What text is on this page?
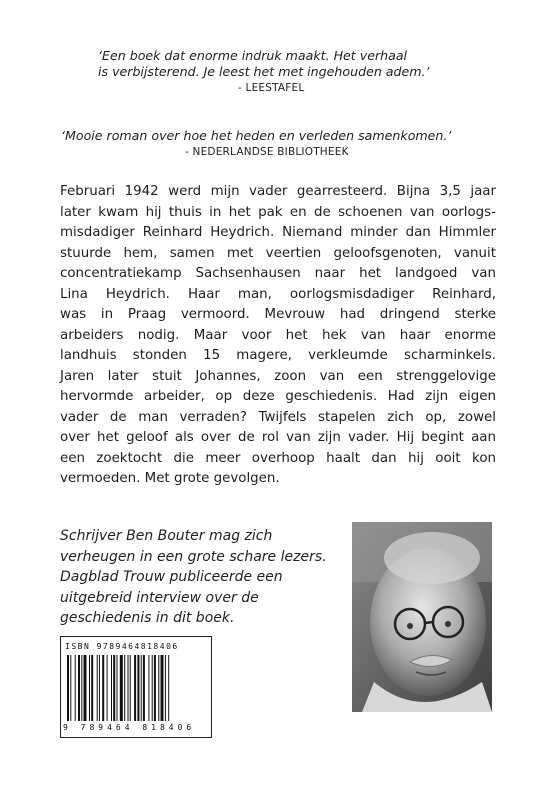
‘Een boek dat enorme indruk maakt. Het verhaal
is verbijsterend. Je leest het met ingehouden adem.’
- LEESTAFEL
‘Mooie roman over hoe het heden en verleden samenkomen.’
- NEDERLANDSE BIBLIOTHEEK
Februari 1942 werd mijn vader gearresteerd. Bijna 3,5 jaar
later kwam hij thuis in het pak en de schoenen van oorlogs-
misdadiger Reinhard Heydrich. Niemand minder dan Himmler
stuurde hem, samen met veertien geloofsgenoten, vanuit
concentratiekamp Sachsenhausen naar het landgoed van
Lina Heydrich. Haar man, oorlogsmisdadiger Reinhard,
was in Praag vermoord. Mevrouw had dringend sterke
arbeiders nodig. Maar voor het hek van haar enorme
landhuis stonden 15 magere, verkleumde scharminkels.
Jaren later stuit Johannes, zoon van een strenggelovige
hervormde arbeider, op deze geschiedenis. Had zijn eigen
vader de man verraden? Twijfels stapelen zich op, zowel
over het geloof als over de rol van zijn vader. Hij begint aan
een zoektocht die meer overhoop haalt dan hij ooit kon
vermoeden. Met grote gevolgen.
Schrijver Ben Bouter mag zich
verheugen in een grote schare lezers.
Dagblad Trouw publiceerde een
uitgebreid interview over de
geschiedenis in dit boek.
ISBN 9789464818406
9 789464 818406
